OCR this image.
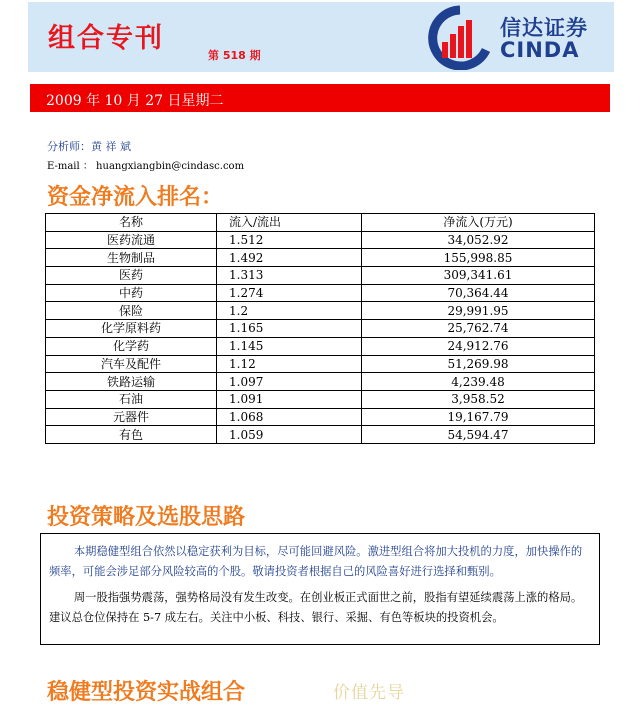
组合专刊
第 518 期
信达证券
CINDA
2009 年 10 月 27 日星期二
分析师：黄 祥 斌
E-mail ： huangxiangbin@cindasc.com
资金净流入排名：
名称	流入/流出	净流入(万元)
医药流通	1.512	34,052.92
生物制品	1.492	155,998.85
医药	1.313	309,341.61
中药	1.274	70,364.44
保险	1.2	29,991.95
化学原料药	1.165	25,762.74
化学药	1.145	24,912.76
汽车及配件	1.12	51,269.98
铁路运输	1.097	4,239.48
石油	1.091	3,958.52
元器件	1.068	19,167.79
有色	1.059	54,594.47
投资策略及选股思路

本期稳健型组合依然以稳定获利为目标，尽可能回避风险。激进型组合将加大投机的力度，加快操作的频率，可能会涉足部分风险较高的个股。敬请投资者根据自己的风险喜好进行选择和甄别。

周一股指强势震荡，强势格局没有发生改变。在创业板正式面世之前，股指有望延续震荡上涨的格局。建议总仓位保持在 5-7 成左右。关注中小板、科技、银行、采掘、有色等板块的投资机会。

稳健型投资实战组合	价值先导
